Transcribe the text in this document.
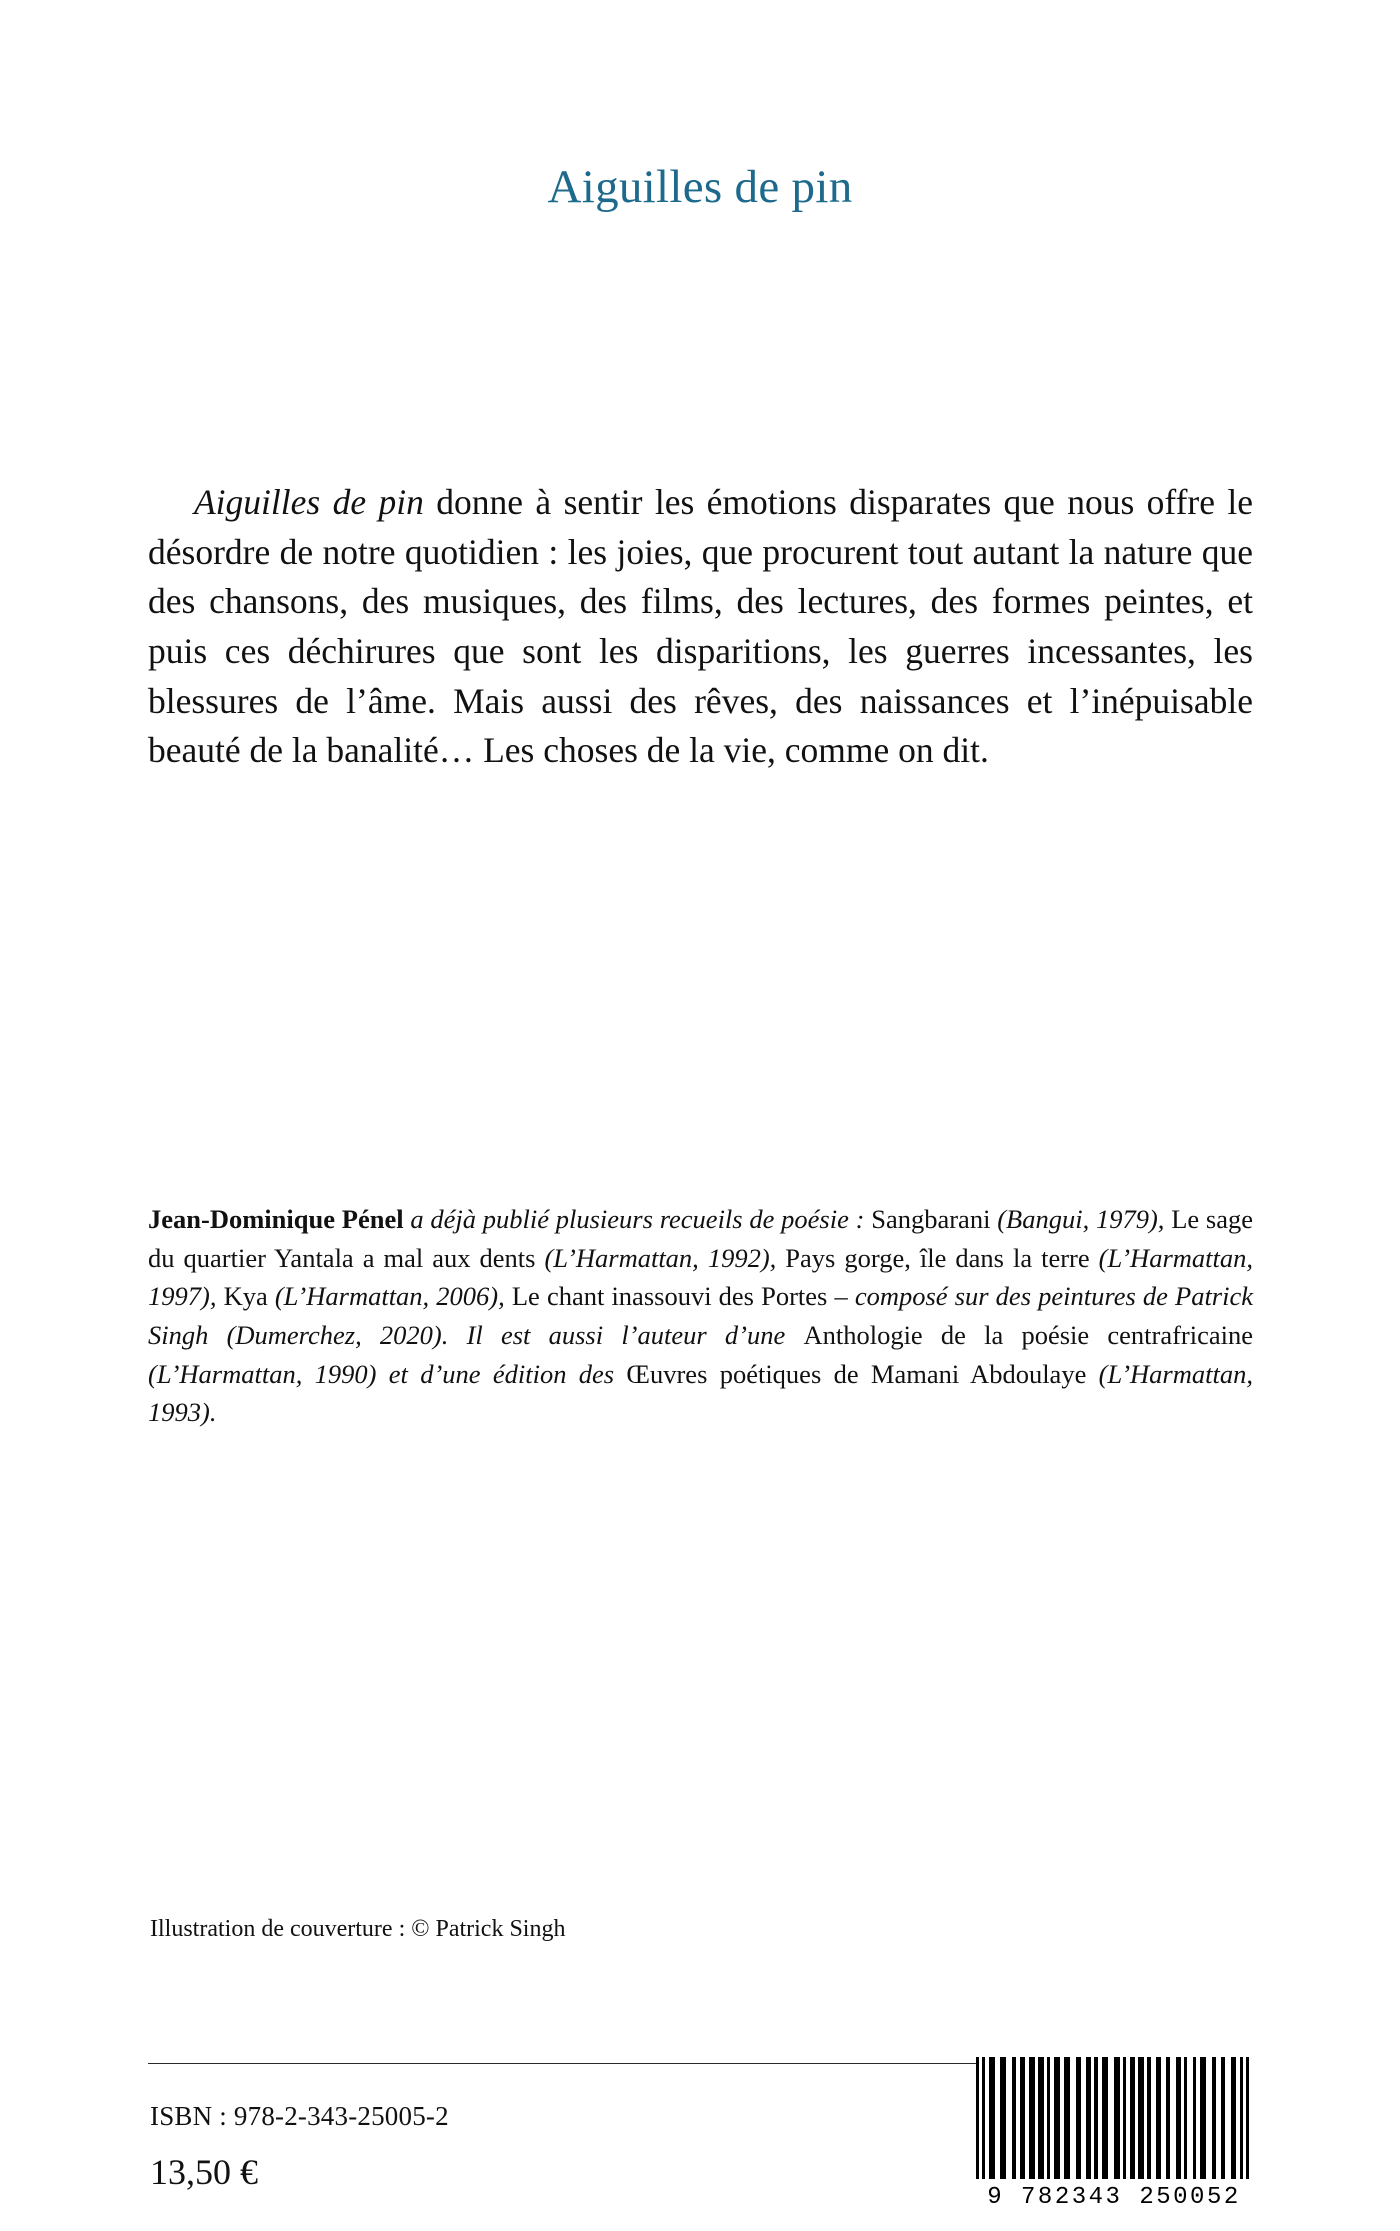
Aiguilles de pin
Aiguilles de pin donne à sentir les émotions disparates que nous offre le désordre de notre quotidien : les joies, que procurent tout autant la nature que des chansons, des musiques, des films, des lectures, des formes peintes, et puis ces déchirures que sont les disparitions, les guerres incessantes, les blessures de l’âme. Mais aussi des rêves, des naissances et l’inépuisable beauté de la banalité… Les choses de la vie, comme on dit.
Jean-Dominique Pénel a déjà publié plusieurs recueils de poésie : Sangbarani (Bangui, 1979), Le sage du quartier Yantala a mal aux dents (L’Harmattan, 1992), Pays gorge, île dans la terre (L’Harmattan, 1997), Kya (L’Harmattan, 2006), Le chant inassouvi des Portes – composé sur des peintures de Patrick Singh (Dumerchez, 2020). Il est aussi l’auteur d’une Anthologie de la poésie centrafricaine (L’Harmattan, 1990) et d’une édition des Œuvres poétiques de Mamani Abdoulaye (L’Harmattan, 1993).
Illustration de couverture : © Patrick Singh
ISBN : 978-2-343-25005-2
13,50 €
9 782343 250052
